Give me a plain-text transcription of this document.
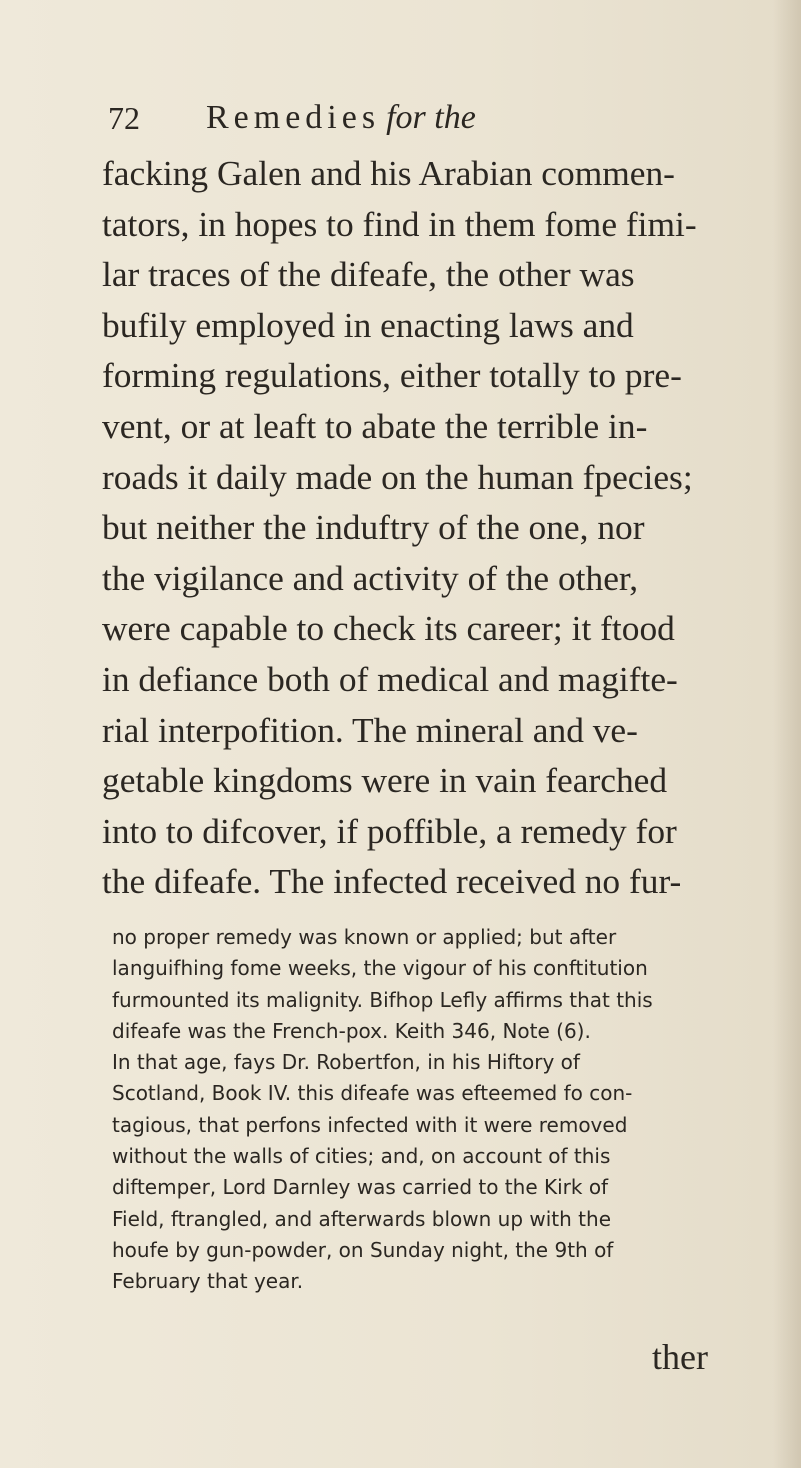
72 Remedies for the
facking Galen and his Arabian commen-
tators, in hopes to find in them fome fimi-
lar traces of the difeafe, the other was
bufily employed in enacting laws and
forming regulations, either totally to pre-
vent, or at leaft to abate the terrible in-
roads it daily made on the human fpecies;
but neither the induftry of the one, nor
the vigilance and activity of the other,
were capable to check its career; it ftood
in defiance both of medical and magifte-
rial interpofition. The mineral and ve-
getable kingdoms were in vain fearched
into to difcover, if poffible, a remedy for
the difeafe. The infected received no fur-
no proper remedy was known or applied; but after
languifhing fome weeks, the vigour of his conftitution
furmounted its malignity. Bifhop Lefly affirms that this
difeafe was the French-pox. Keith 346, Note (6).
In that age, fays Dr. Robertfon, in his Hiftory of
Scotland, Book IV. this difeafe was efteemed fo con-
tagious, that perfons infected with it were removed
without the walls of cities; and, on account of this
diftemper, Lord Darnley was carried to the Kirk of
Field, ftrangled, and afterwards blown up with the
houfe by gun-powder, on Sunday night, the 9th of
February that year.
ther
